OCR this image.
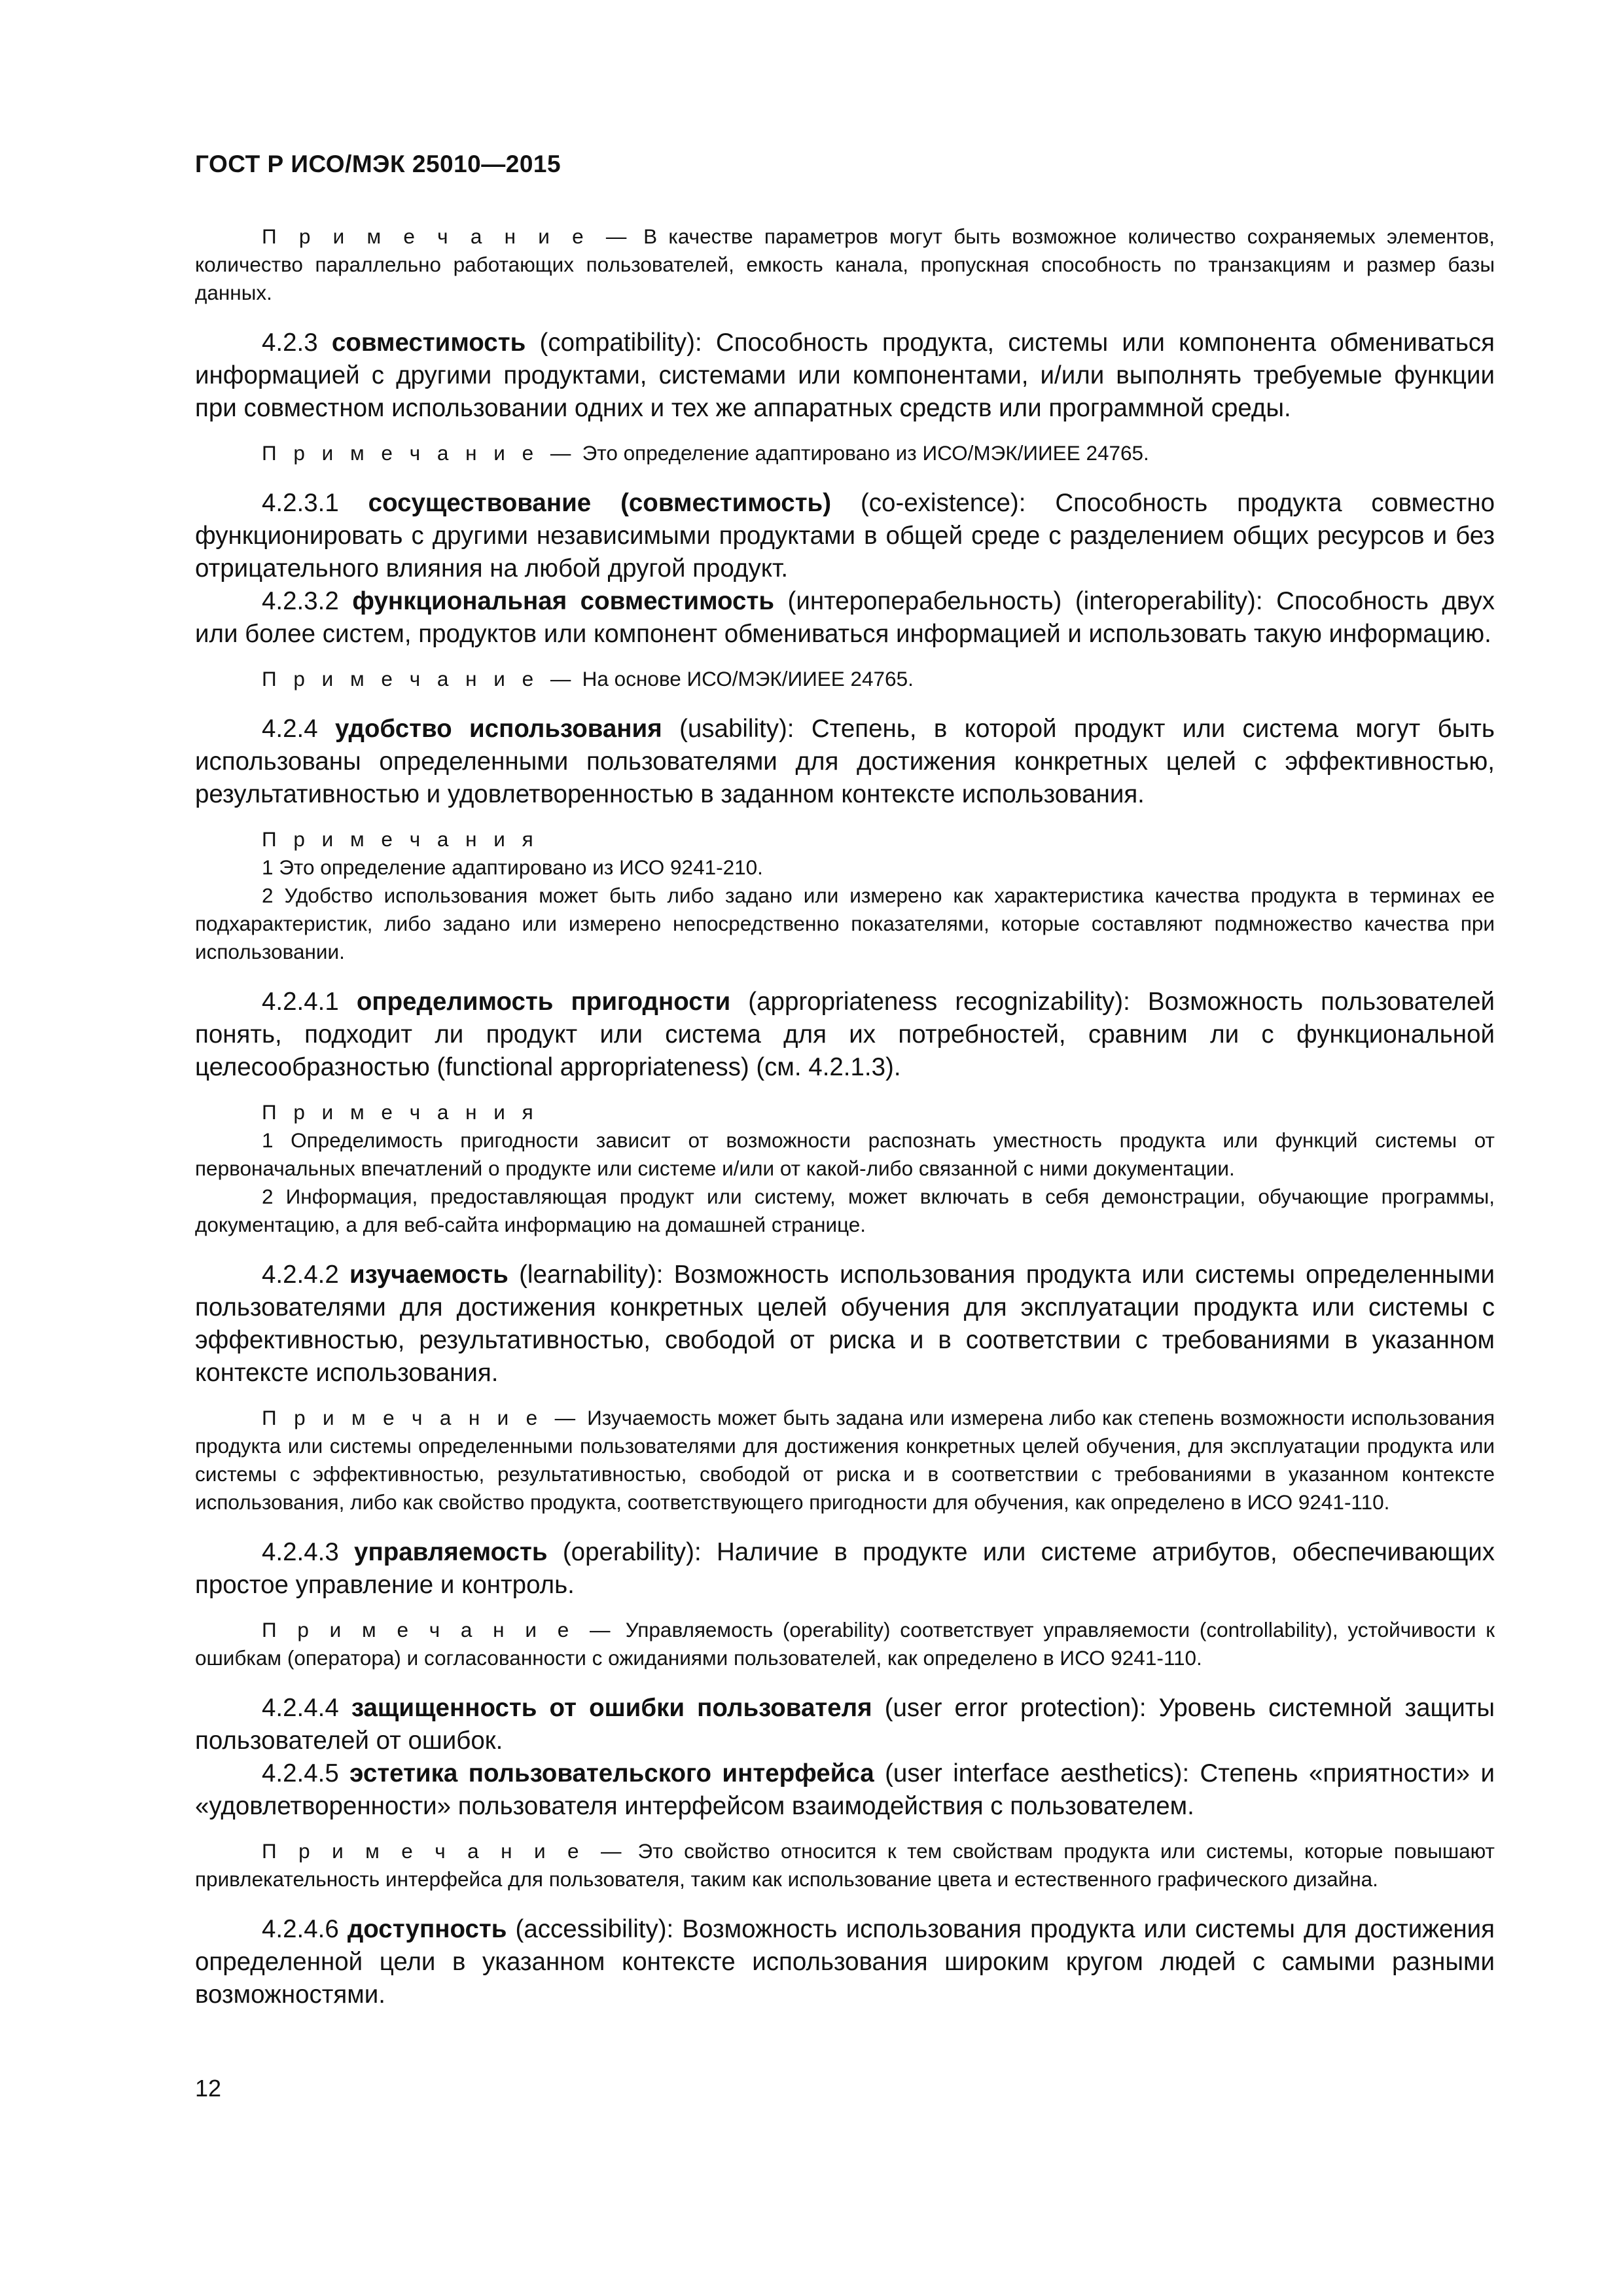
ГОСТ Р ИСО/МЭК 25010—2015

П р и м е ч а н и е — В качестве параметров могут быть возможное количество сохраняемых элементов, количество параллельно работающих пользователей, емкость канала, пропускная способность по транзакциям и размер базы данных.

4.2.3 совместимость (compatibility): Способность продукта, системы или компонента обмениваться информацией с другими продуктами, системами или компонентами, и/или выполнять требуемые функции при совместном использовании одних и тех же аппаратных средств или программной среды.

П р и м е ч а н и е — Это определение адаптировано из ИСО/МЭК/ИИЕЕ 24765.

4.2.3.1 сосуществование (совместимость) (co-existence): Способность продукта совместно функционировать с другими независимыми продуктами в общей среде с разделением общих ресурсов и без отрицательного влияния на любой другой продукт.

4.2.3.2 функциональная совместимость (интероперабельность) (interoperability): Способность двух или более систем, продуктов или компонент обмениваться информацией и использовать такую информацию.

П р и м е ч а н и е — На основе ИСО/МЭК/ИИЕЕ 24765.

4.2.4 удобство использования (usability): Степень, в которой продукт или система могут быть использованы определенными пользователями для достижения конкретных целей с эффективностью, результативностью и удовлетворенностью в заданном контексте использования.

П р и м е ч а н и я

1 Это определение адаптировано из ИСО 9241-210.

2 Удобство использования может быть либо задано или измерено как характеристика качества продукта в терминах ее подхарактеристик, либо задано или измерено непосредственно показателями, которые составляют подмножество качества при использовании.

4.2.4.1 определимость пригодности (appropriateness recognizability): Возможность пользователей понять, подходит ли продукт или система для их потребностей, сравним ли с функциональной целесообразностью (functional appropriateness) (см. 4.2.1.3).

П р и м е ч а н и я

1 Определимость пригодности зависит от возможности распознать уместность продукта или функций системы от первоначальных впечатлений о продукте или системе и/или от какой-либо связанной с ними документации.

2 Информация, предоставляющая продукт или систему, может включать в себя демонстрации, обучающие программы, документацию, а для веб-сайта информацию на домашней странице.

4.2.4.2 изучаемость (learnability): Возможность использования продукта или системы определенными пользователями для достижения конкретных целей обучения для эксплуатации продукта или системы с эффективностью, результативностью, свободой от риска и в соответствии с требованиями в указанном контексте использования.

П р и м е ч а н и е — Изучаемость может быть задана или измерена либо как степень возможности использования продукта или системы определенными пользователями для достижения конкретных целей обучения, для эксплуатации продукта или системы с эффективностью, результативностью, свободой от риска и в соответствии с требованиями в указанном контексте использования, либо как свойство продукта, соответствующего пригодности для обучения, как определено в ИСО 9241-110.

4.2.4.3 управляемость (operability): Наличие в продукте или системе атрибутов, обеспечивающих простое управление и контроль.

П р и м е ч а н и е — Управляемость (operability) соответствует управляемости (controllability), устойчивости к ошибкам (оператора) и согласованности с ожиданиями пользователей, как определено в ИСО 9241-110.

4.2.4.4 защищенность от ошибки пользователя (user error protection): Уровень системной защиты пользователей от ошибок.

4.2.4.5 эстетика пользовательского интерфейса (user interface aesthetics): Степень «приятности» и «удовлетворенности» пользователя интерфейсом взаимодействия с пользователем.

П р и м е ч а н и е — Это свойство относится к тем свойствам продукта или системы, которые повышают привлекательность интерфейса для пользователя, таким как использование цвета и естественного графического дизайна.

4.2.4.6 доступность (accessibility): Возможность использования продукта или системы для достижения определенной цели в указанном контексте использования широким кругом людей с самыми разными возможностями.

12
